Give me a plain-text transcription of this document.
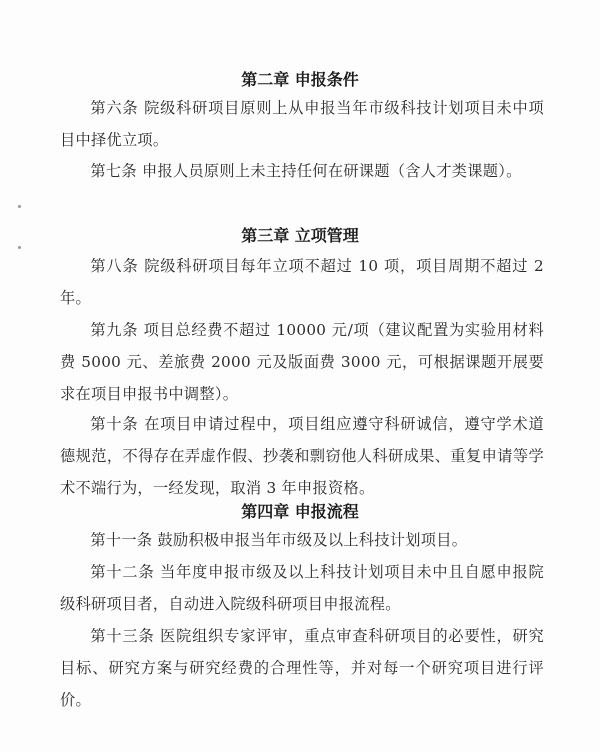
第二章 申报条件
第六条 院级科研项目原则上从申报当年市级科技计划项目未中项目中择优立项。
第七条 申报人员原则上未主持任何在研课题（含人才类课题）。
第三章 立项管理
第八条 院级科研项目每年立项不超过 10 项，项目周期不超过 2 年。
第九条 项目总经费不超过 10000 元/项（建议配置为实验用材料费 5000 元、差旅费 2000 元及版面费 3000 元，可根据课题开展要求在项目申报书中调整）。
第十条 在项目申请过程中，项目组应遵守科研诚信，遵守学术道德规范，不得存在弄虚作假、抄袭和剽窃他人科研成果、重复申请等学术不端行为，一经发现，取消 3 年申报资格。
第四章 申报流程
第十一条 鼓励积极申报当年市级及以上科技计划项目。
第十二条 当年度申报市级及以上科技计划项目未中且自愿申报院级科研项目者，自动进入院级科研项目申报流程。
第十三条 医院组织专家评审，重点审查科研项目的必要性，研究目标、研究方案与研究经费的合理性等，并对每一个研究项目进行评价。
